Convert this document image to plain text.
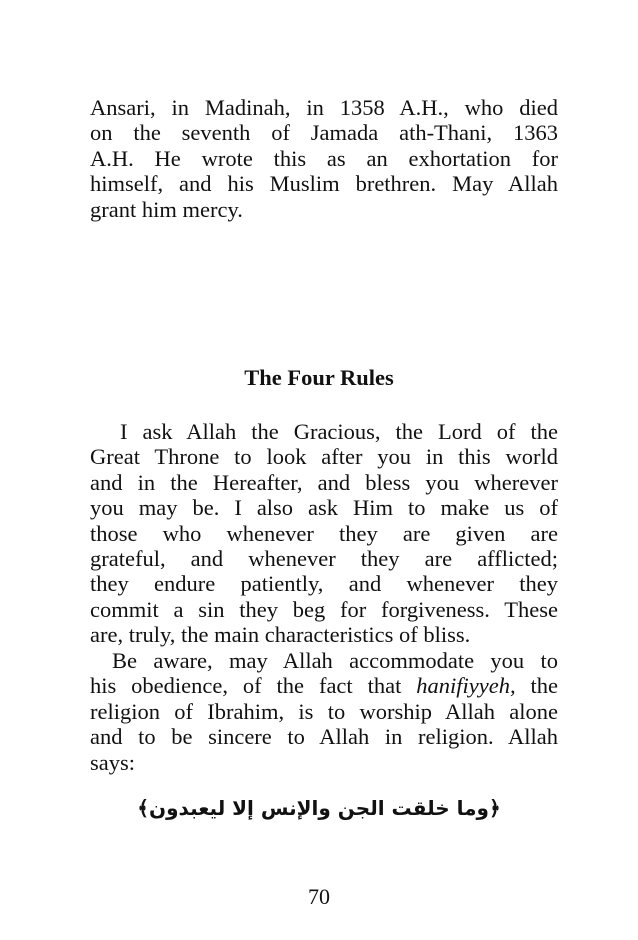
Ansari, in Madinah, in 1358 A.H., who died
on the seventh of Jamada ath-Thani, 1363
A.H. He wrote this as an exhortation for
himself, and his Muslim brethren. May Allah
grant him mercy.
The Four Rules
I ask Allah the Gracious, the Lord of the
Great Throne to look after you in this world
and in the Hereafter, and bless you wherever
you may be. I also ask Him to make us of
those who whenever they are given are
grateful, and whenever they are afflicted;
they endure patiently, and whenever they
commit a sin they beg for forgiveness. These
are, truly, the main characteristics of bliss.
Be aware, may Allah accommodate you to
his obedience, of the fact that hanifiyyeh, the
religion of Ibrahim, is to worship Allah alone
and to be sincere to Allah in religion. Allah
says:
﴿وما خلقت الجن والإنس إلا ليعبدون﴾
70
